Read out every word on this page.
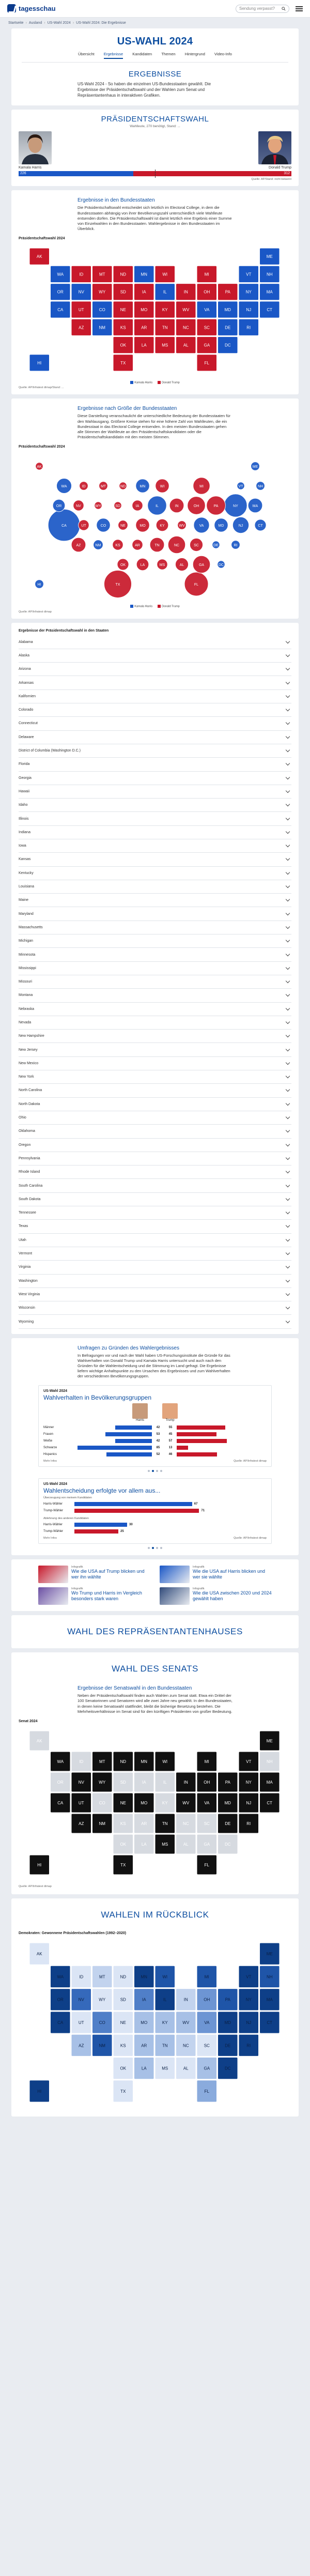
tagesschau	Sendung verpasst?
Startseite › Ausland › US-Wahl 2024 › US-Wahl 2024: Die Ergebnisse
US-WAHL 2024
Übersicht Ergebnisse Kandidaten Themen Hintergrund Video-Info
ERGEBNISSE

US-Wahl 2024 - So haben die einzelnen US-Bundesstaaten gewählt. Die Ergebnisse der Präsidentschaftswahl und der Wahlen zum Senat und Repräsentantenhaus in interaktiven Grafiken.

PRÄSIDENTSCHAFTSWAHL
Wahlleute, 270 benötigt, Stand: ...
Kamala Harris	Donald Trump
226	312
Quelle: AP/Stand: nicht bekannt
Ergebnisse in den Bundesstaaten

Die Präsidentschaftswahl entscheidet sich letztlich im Electoral College, in dem die Bundesstaaten abhängig von ihrer Bevölkerungszahl unterschiedlich viele Wahlleute entsenden dürfen. Die Präsidentschaftswahl ist damit letztlich eine Ergebnis einer Summe von Einzelwahlen in den Bundesstaaten. Wahlergebnisse in den Bundesstaaten im Überblick.

Präsidentschaftswahl 2024
AK	ME
WA	ID	MT	ND	MN	WI	MI	VT	NH
OR	NV	WY	SD	IA	IL	IN	OH	PA	NY	MA
CA	UT	CO	NE	MO	KY	WV	VA	MD	NJ	CT
AZ	NM	KS	AR	TN	NC	SC	DE	RI
OK	LA	MS	AL	GA	DC
HI	TX	FL
Kamala Harris	Donald Trump
Quelle: AP/Infratest dimap/Stand: ...
Ergebnisse nach Größe der Bundesstaaten

Diese Darstellung veranschaulicht die unterschiedliche Bedeutung der Bundesstaaten für den Wahlausgang. Größere Kreise stehen für eine höhere Zahl von Wahlleuten, die ein Bundesstaat in das Electoral College entsenden. In den meisten Bundesstaaten gehen alle Stimmen der Wahlleute an den Präsidentschaftskandidaten oder die Präsidentschaftskandidatin mit den meisten Stimmen.

Präsidentschaftswahl 2024
CA
TX	FL
NY
PA
IL	OH
GA
NC
MI
NJ
VA
WA
AZ	TN
MA
IN
MD
MN
MO
WI
CO
AL
SC
OR
LA
KY	CT
OK
UT
IA
NV
KS	AR
MS
NM
NE
ID
WV
HI
NH
ME
MT
RI
DE
SD
ND
AK
VT
WY
DC
Kamala Harris	Donald Trump
Quelle: AP/Infratest dimap
Ergebnisse der Präsidentschaftswahl in den Staaten
Alabama
Alaska
Arizona
Arkansas
Kalifornien
Colorado
Connecticut
Delaware
District of Columbia (Washington D.C.)
Florida
Georgia
Hawaii
Idaho
Illinois
Indiana
Iowa
Kansas
Kentucky
Louisiana
Maine
Maryland
Massachusetts
Michigan
Minnesota
Mississippi
Missouri
Montana
Nebraska
Nevada
New Hampshire
New Jersey
New Mexico
New York
North Carolina
North Dakota
Ohio
Oklahoma
Oregon
Pennsylvania
Rhode Island
South Carolina
South Dakota
Tennessee
Texas
Utah
Vermont
Virginia
Washington
West Virginia
Wisconsin
Wyoming
Umfragen zu Gründen des Wahlergebnisses

In Befragungen vor und nach der Wahl haben US-Forschungsinstitute die Gründe für das Wahlverhalten von Donald Trump und Kamala Harris untersucht und auch nach den Gründen für die Wahlentscheidung und die Stimmung im Land gefragt. Die Ergebnisse liefern wichtige Anhaltspunkte zu den Ursachen des Ergebnisses und zum Wahlverhalten der verschiedenen Bevölkerungsgruppen.

US-Wahl 2024
Wahlverhalten in Bevölkerungsgruppen
Harris	Trump
Männer	42	55
Frauen	53	45
Weiße	42	57
Schwarze	85	13
Hispanics	52	46
Mehr Infos	Quelle: AP/Infratest dimap
US-Wahl 2024
Wahlentscheidung erfolgte vor allem aus...
Überzeugung von meinem Kandidaten
Harris-Wähler	67
Trump-Wähler	71
Ablehnung des anderen Kandidaten
Harris-Wähler	30
Trump-Wähler	25
Mehr Infos	Quelle: AP/Infratest dimap
Infografik
Wie die USA auf Trump blicken und wer ihn wählte
Infografik
Wie die USA auf Harris blicken und wer sie wählte
Infografik
Wo Trump und Harris im Vergleich besonders stark waren
Infografik
Wie die USA zwischen 2020 und 2024 gewählt haben
WAHL DES REPRÄSENTANTENHAUSES
WAHL DES SENATS
Ergebnisse der Senatswahl in den Bundesstaaten

Neben der Präsidentschaftswahl finden auch Wahlen zum Senat statt. Etwa ein Drittel der 100 Senatorinnen und Senatoren wird alle zwei Jahre neu gewählt. In den Bundesstaaten, in denen keine Senatswahl stattfindet, bleibt die bisherige Besetzung bestehen. Die Mehrheitsverhältnisse im Senat sind für den künftigen Präsidenten von großer Bedeutung.

Senat 2024
AK	ME
WA	ID	MT	ND	MN	WI	MI	VT	NH
OR	NV	WY	SD	IA	IL	IN	OH	PA	NY	MA
CA	UT	CO	NE	MO	KY	WV	VA	MD	NJ	CT
AZ	NM	KS	AR	TN	NC	SC	DE	RI
OK	LA	MS	AL	GA	DC
HI	TX	FL
Quelle: AP/Infratest dimap
WAHLEN IM RÜCKBLICK
Demokraten: Gewonnene Präsidentschaftswahlen (1992–2020)
AK	ME
WA	ID	MT	ND	MN	WI	MI	VT	NH
OR	NV	WY	SD	IA	IL	IN	OH	PA	NY	MA
CA	UT	CO	NE	MO	KY	WV	VA	MD	NJ	CT
AZ	NM	KS	AR	TN	NC	SC	DE	RI
OK	LA	MS	AL	GA	DC
HI	TX	FL
